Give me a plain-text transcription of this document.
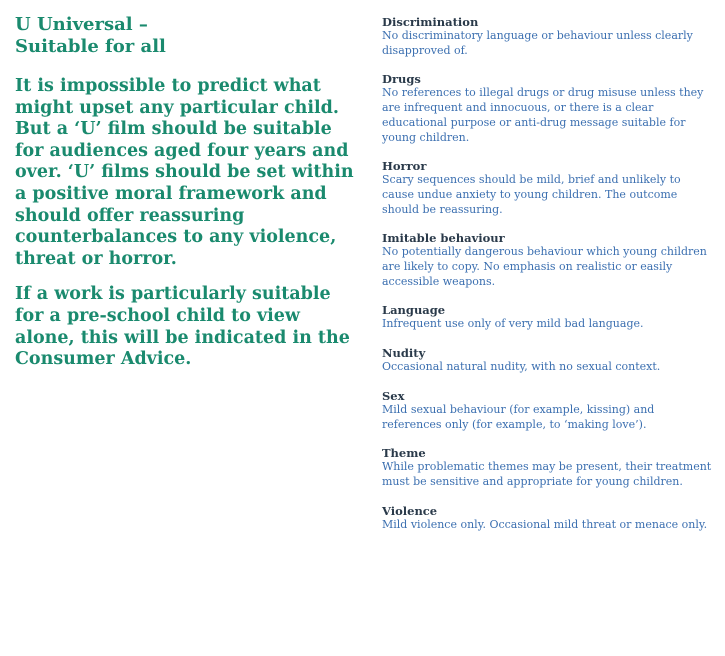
U Universal –
Suitable for all

It is impossible to predict what might upset any particular child. But a ‘U’ film should be suitable for audiences aged four years and over. ‘U’ films should be set within a positive moral framework and should offer reassuring counterbalances to any violence, threat or horror.

If a work is particularly suitable for a pre-school child to view alone, this will be indicated in the Consumer Advice.

Discrimination
No discriminatory language or behaviour unless clearly disapproved of.
Drugs
No references to illegal drugs or drug misuse unless they are infrequent and innocuous, or there is a clear educational purpose or anti-drug message suitable for young children.
Horror
Scary sequences should be mild, brief and unlikely to cause undue anxiety to young children. The outcome should be reassuring.
Imitable behaviour
No potentially dangerous behaviour which young children are likely to copy. No emphasis on realistic or easily accessible weapons.
Language
Infrequent use only of very mild bad language.
Nudity
Occasional natural nudity, with no sexual context.
Sex
Mild sexual behaviour (for example, kissing) and references only (for example, to ‘making love’).
Theme
While problematic themes may be present, their treatment must be sensitive and appropriate for young children.
Violence
Mild violence only. Occasional mild threat or menace only.
